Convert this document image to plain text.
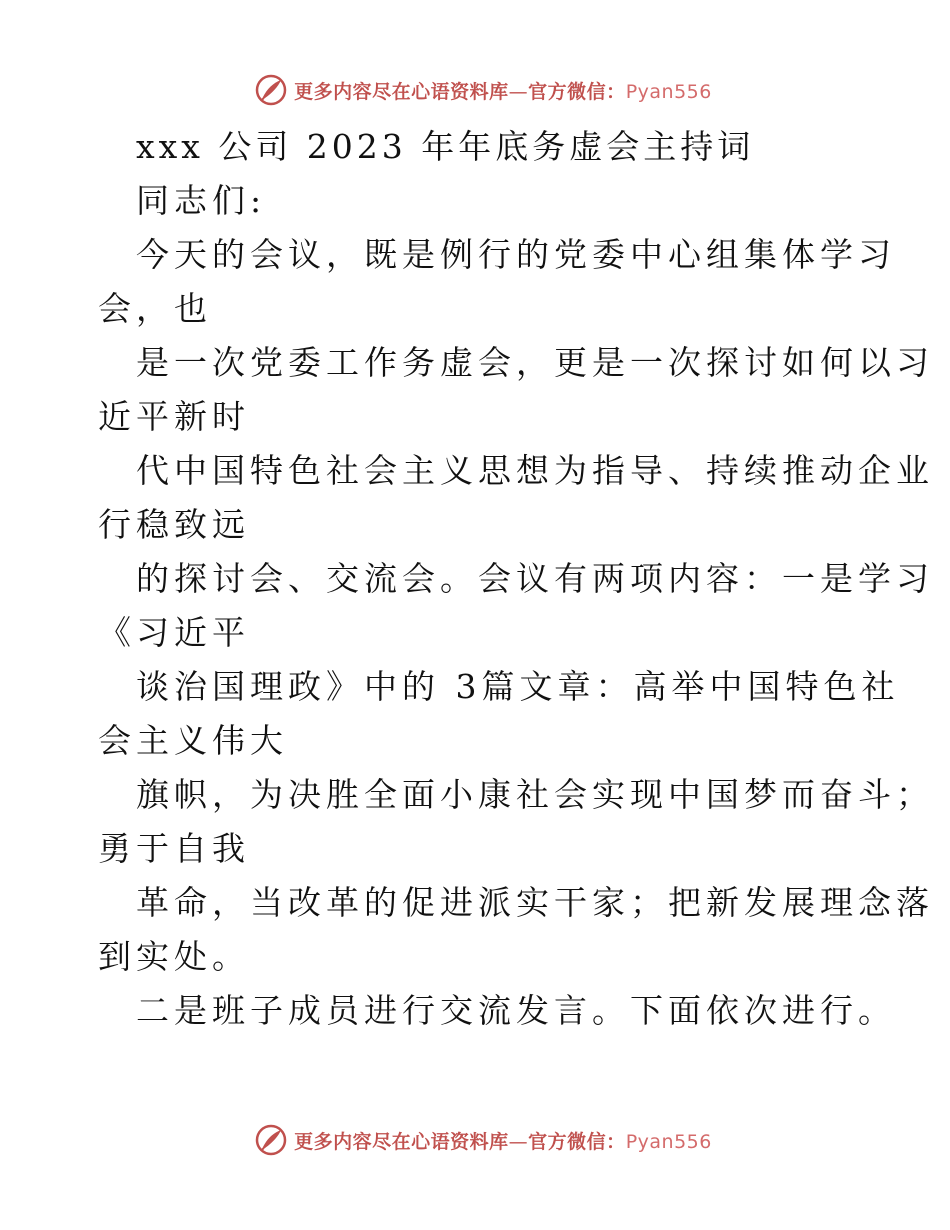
更多内容尽在心语资料库—官方微信：Pyan556
xxx 公司 2023 年年底务虚会主持词
同志们:
今天的会议，既是例行的党委中心组集体学习
会，也
是一次党委工作务虚会，更是一次探讨如何以习
近平新时
代中国特色社会主义思想为指导、持续推动企业
行稳致远
的探讨会、交流会。会议有两项内容：一是学习
《习近平
谈治国理政》中的 3篇文章：高举中国特色社
会主义伟大
旗帜，为决胜全面小康社会实现中国梦而奋斗；
勇于自我
革命，当改革的促进派实干家；把新发展理念落
到实处。
二是班子成员进行交流发言。下面依次进行。
更多内容尽在心语资料库—官方微信：Pyan556
